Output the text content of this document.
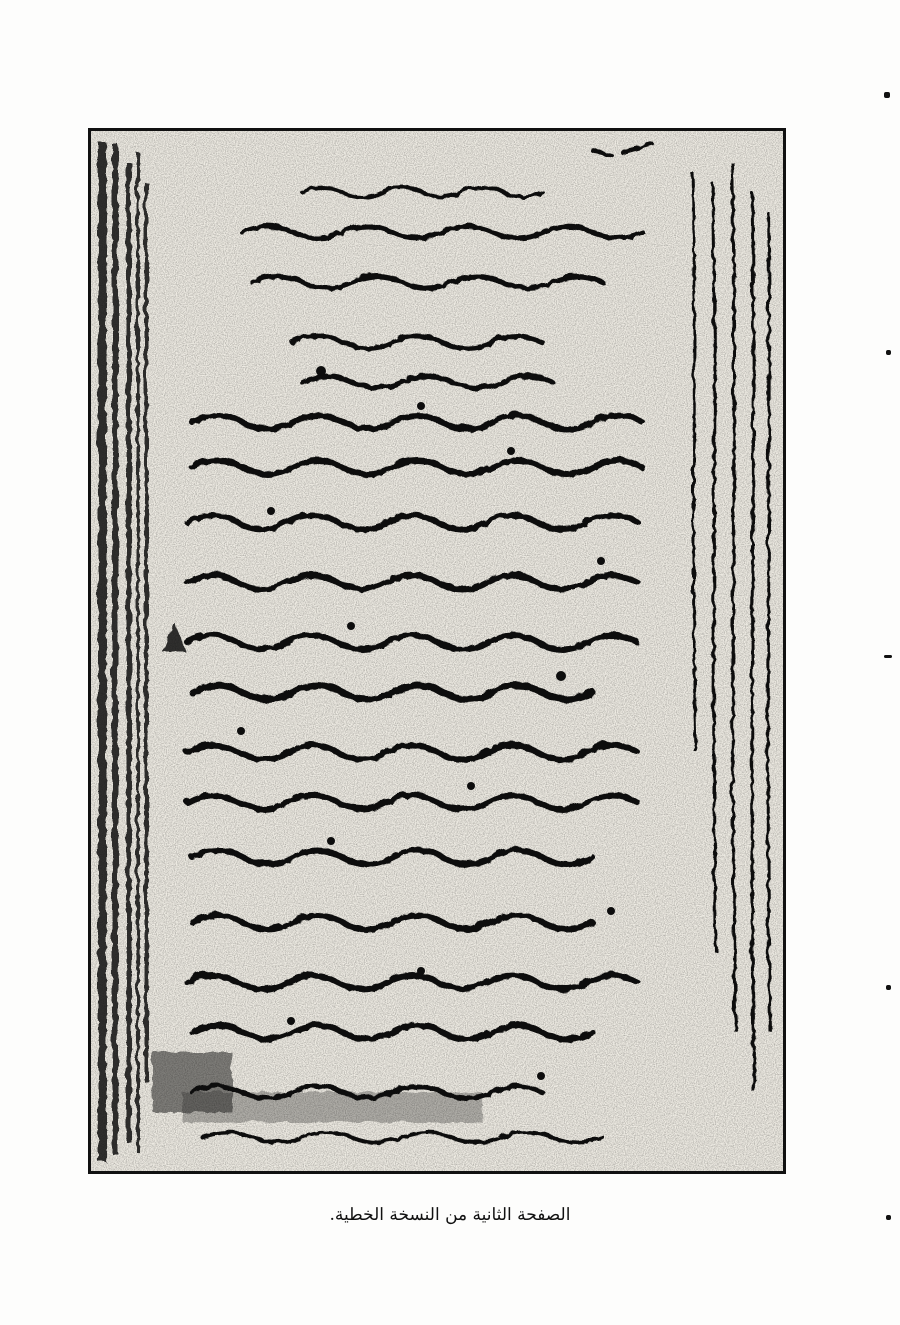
الصفحة الثانية من النسخة الخطية.
